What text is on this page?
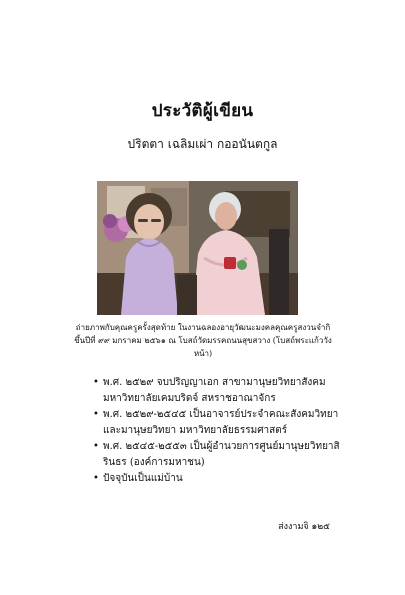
ประวัติผู้เขียน
ปริตตา เฉลิมเผ่า กออนันตกูล
ถ่ายภาพกับคุณครูครั้งสุดท้าย ในงานฉลองอายุวัฒนะมงคลคุณครูสงวนจำกิ ขึ้นปีที่ ๙๙ มกราคม ๒๕๖๑ ณ โบสถ์วัดมรรคถนนสุขสวาง (โบสถ์พระแก้ววังหน้า)
• พ.ศ. ๒๕๒๙ จบปริญญาเอก สาขามานุษยวิทยาสังคม มหาวิทยาลัยเคมบริดจ์ สหราชอาณาจักร
• พ.ศ. ๒๕๒๙-๒๕๔๕ เป็นอาจารย์ประจำคณะสังคมวิทยาและมานุษยวิทยา มหาวิทยาลัยธรรมศาสตร์
• พ.ศ. ๒๕๔๕-๒๕๕๓ เป็นผู้อำนวยการศูนย์มานุษยวิทยาสิรินธร (องค์การมหาชน)
• ปัจจุบันเป็นแม่บ้าน
ส่งงามจิ ๑๒๕
